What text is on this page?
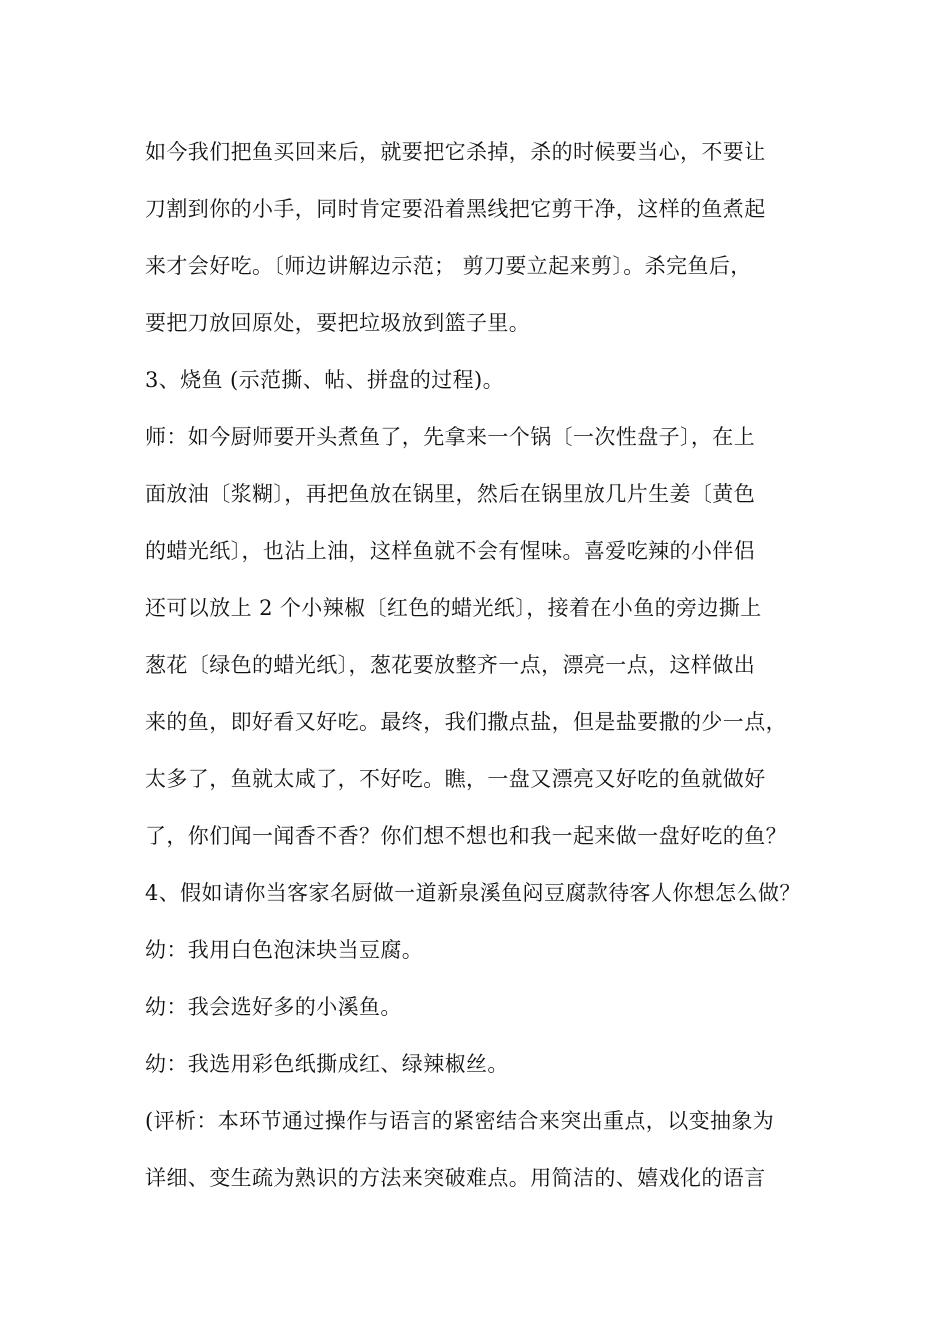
如今我们把鱼买回来后，就要把它杀掉，杀的时候要当心，不要让
刀割到你的小手，同时肯定要沿着黑线把它剪干净，这样的鱼煮起
来才会好吃。〔师边讲解边示范； 剪刀要立起来剪〕。杀完鱼后，
要把刀放回原处，要把垃圾放到篮子里。
3、烧鱼 (示范撕、帖、拼盘的过程)。
师：如今厨师要开头煮鱼了，先拿来一个锅〔一次性盘子〕，在上
面放油〔浆糊〕，再把鱼放在锅里，然后在锅里放几片生姜〔黄色
的蜡光纸〕，也沾上油，这样鱼就不会有惺味。喜爱吃辣的小伴侣
还可以放上 2 个小辣椒〔红色的蜡光纸〕，接着在小鱼的旁边撕上
葱花〔绿色的蜡光纸〕，葱花要放整齐一点，漂亮一点，这样做出
来的鱼，即好看又好吃。最终，我们撒点盐，但是盐要撒的少一点，
太多了，鱼就太咸了，不好吃。瞧，一盘又漂亮又好吃的鱼就做好
了，你们闻一闻香不香？你们想不想也和我一起来做一盘好吃的鱼？
4、假如请你当客家名厨做一道新泉溪鱼闷豆腐款待客人你想怎么做？
幼：我用白色泡沫块当豆腐。
幼：我会选好多的小溪鱼。
幼：我选用彩色纸撕成红、绿辣椒丝。
(评析：本环节通过操作与语言的紧密结合来突出重点，以变抽象为
详细、变生疏为熟识的方法来突破难点。用简洁的、嬉戏化的语言
